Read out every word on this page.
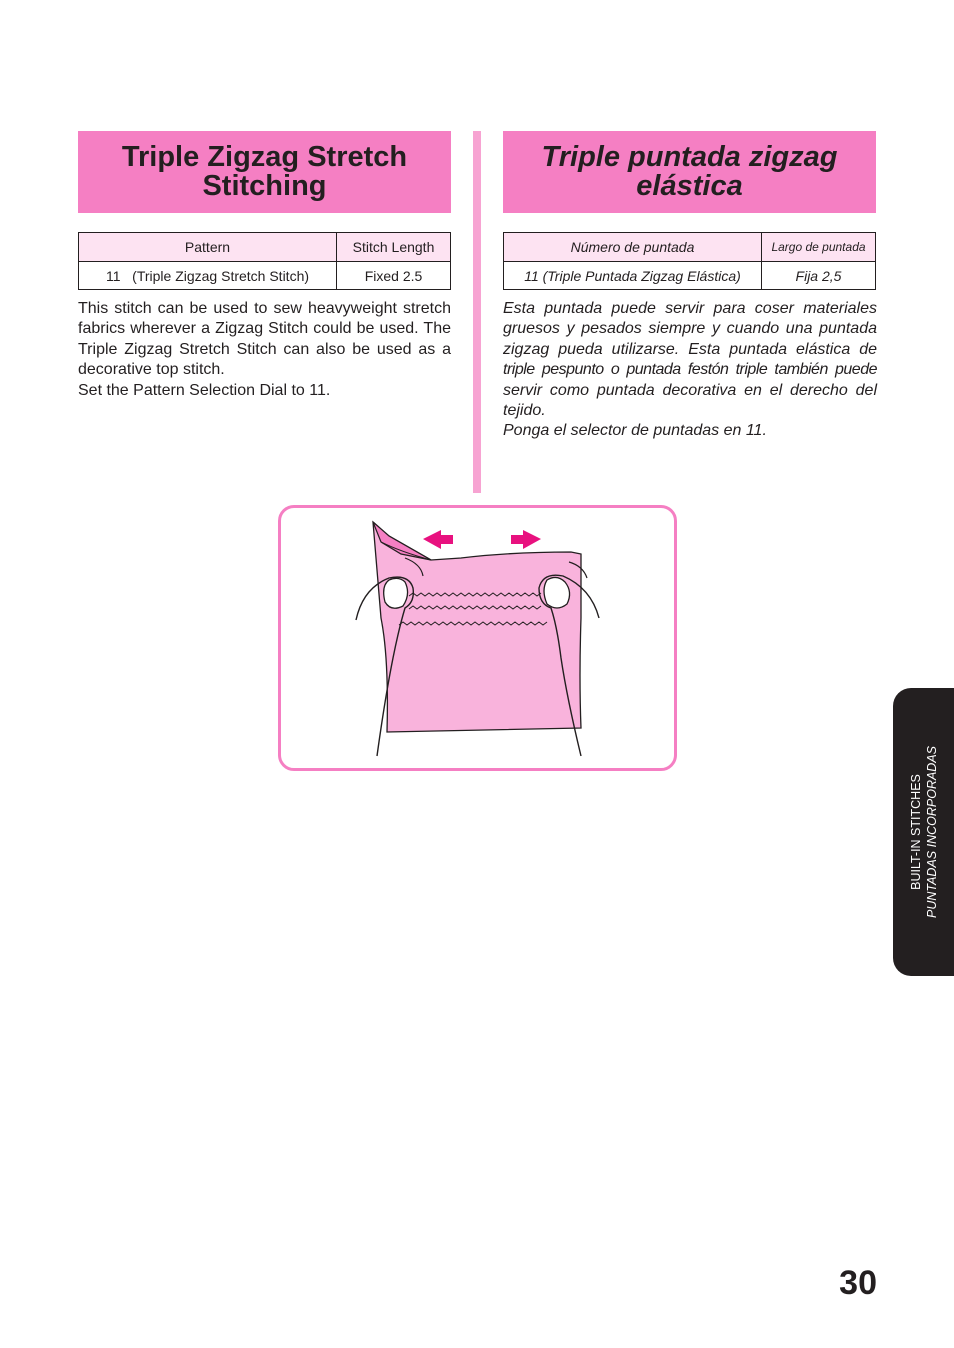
Triple Zigzag Stretch
Stitching
Triple puntada zigzag
elástica
Pattern	Stitch Length
11   (Triple Zigzag Stretch Stitch)	Fixed 2.5
Número de puntada	Largo de puntada
11 (Triple Puntada Zigzag Elástica)	Fija 2,5

This stitch can be used to sew heavyweight stretch fabrics wherever a Zigzag Stitch could be used. The Triple Zigzag Stretch Stitch can also be used as a decorative top stitch.

Set the Pattern Selection Dial to 11.

Esta puntada puede servir para coser materiales gruesos y pesados siempre y cuando una puntada zigzag pueda utilizarse. Esta puntada elástica de triple pespunto o puntada festón triple también puede servir como puntada decorativa en el derecho del tejido.

Ponga el selector de puntadas en 11.

BUILT-IN STITCHES PUNTADAS INCORPORADAS
30
